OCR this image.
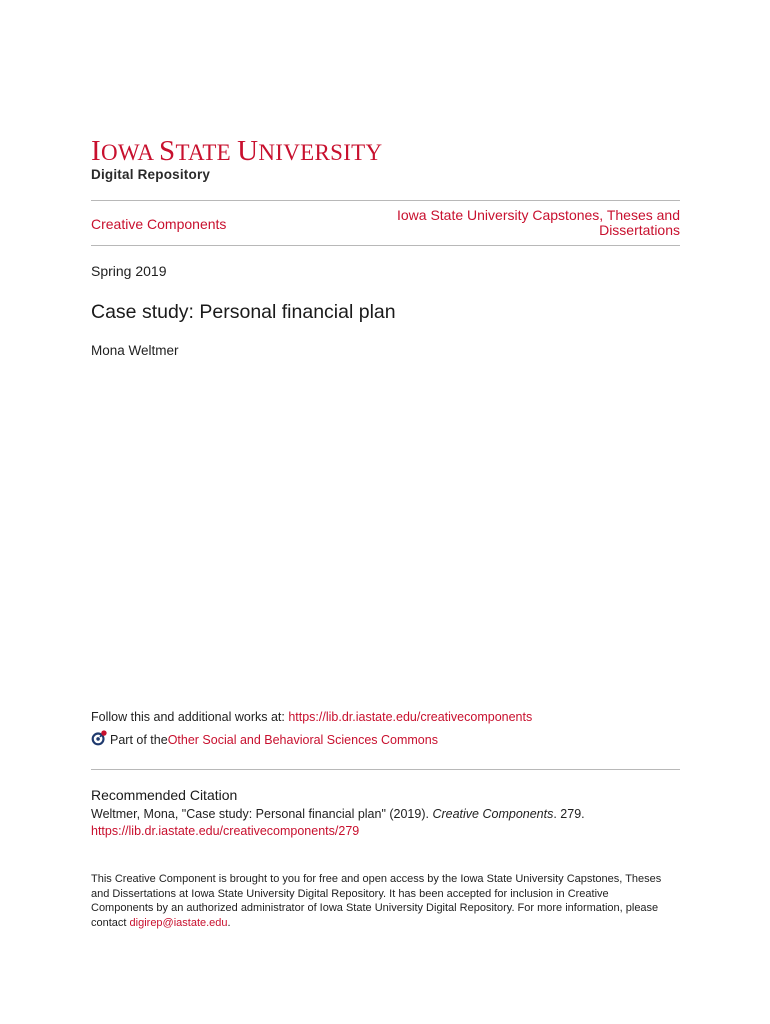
IOWA STATE UNIVERSITY
Digital Repository
Creative Components
Iowa State University Capstones, Theses and
Dissertations
Spring 2019
Case study: Personal financial plan
Mona Weltmer
Follow this and additional works at: https://lib.dr.iastate.edu/creativecomponents
Part of the Other Social and Behavioral Sciences Commons
Recommended Citation
Weltmer, Mona, "Case study: Personal financial plan" (2019). Creative Components. 279.
https://lib.dr.iastate.edu/creativecomponents/279
This Creative Component is brought to you for free and open access by the Iowa State University Capstones, Theses and Dissertations at Iowa State University Digital Repository. It has been accepted for inclusion in Creative Components by an authorized administrator of Iowa State University Digital Repository. For more information, please contact digirep@iastate.edu.
